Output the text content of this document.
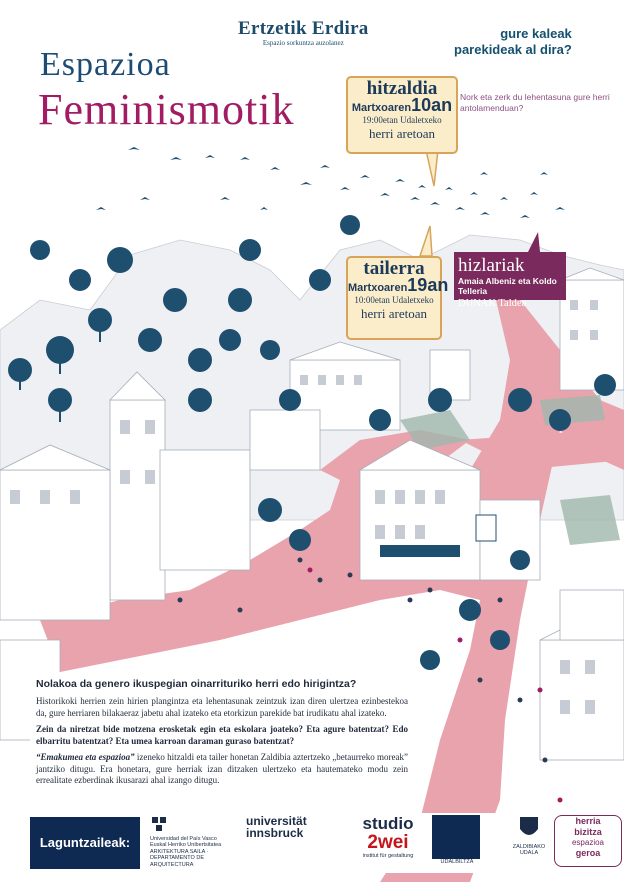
Ertzetik Erdira
Espazio sorkuntza auzolanez
gure kaleak
parekideak al dira?
Nork eta zerk du lehentasuna gure herri antolamenduan?
Espazioa
Feminismotik	hitzaldia
Martxoaren10an
19:00etan Udaletxeko
herri aretoan
tailerra
Martxoaren19an
10:00etan Udaletxeko
herri aretoan
hizlariak
Amaia Albeniz eta Koldo Telleria
DUNAK Taldea
Nolakoa da genero ikuspegian oinarrituriko herri edo hirigintza?

Historikoki herrien zein hirien plangintza eta lehentasunak zeintzuk izan diren ulertzea ezinbestekoa da, gure herriaren bilakaeraz jabetu ahal izateko eta etorkizun parekide bat irudikatu ahal izateko.

Zein da niretzat bide motzena erosketak egin eta eskolara joateko? Eta agure batentzat? Edo elbarritu batentzat? Eta umea karroan daraman guraso batentzat?

“Emakumea eta espazioa” izeneko hitzaldi eta tailer honetan Zaldibia aztertzeko „betaurreko moreak” jantziko ditugu. Era honetara, gure herriak izan ditzaken ulertzeko eta hautemateko modu zein errealitate ezberdinak ikusarazi ahal izango ditugu.

Laguntzaileak:	Universidad del País Vasco
Euskal Herriko Unibertsitatea
ARKITEKTURA SAILA · DEPARTAMENTO DE ARQUITECTURA
universität
innsbruck	studio
2wei
institut für gestaltung
UDALBILTZA
ZALDIBIAKO UDALA
herria
bizitza
espazioa
geroa
